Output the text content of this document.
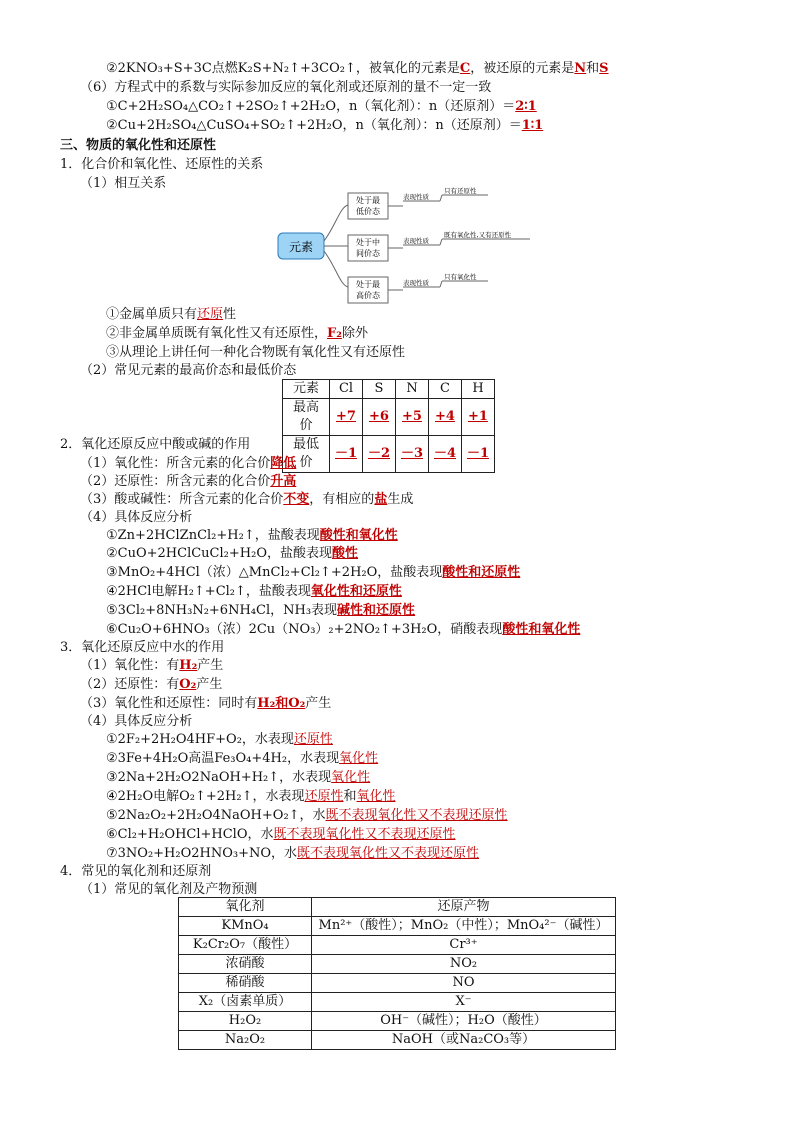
②2KNO₃+S+3C点燃K₂S+N₂↑+3CO₂↑，被氧化的元素是C，被还原的元素是N和S
（6）方程式中的系数与实际参加反应的氧化剂或还原剂的量不一定一致
①C+2H₂SO₄△CO₂↑+2SO₂↑+2H₂O，n（氧化剂）：n（还原剂）＝2∶1
②Cu+2H₂SO₄△CuSO₄+SO₂↑+2H₂O，n（氧化剂）：n（还原剂）＝1∶1
三、物质的氧化性和还原性
1．化合价和氧化性、还原性的关系
（1）相互关系
元素
处于最
低价态
处于中
间价态
处于最
高价态
表现性质
表现性质
表现性质
只有还原性
既有氧化性,又有还原性
只有氧化性
①金属单质只有还原性
②非金属单质既有氧化性又有还原性，F₂除外
③从理论上讲任何一种化合物既有氧化性又有还原性
（2）常见元素的最高价态和最低价态
元素	Cl	S	N	C	H
最高价	+7	+6	+5	+4	+1
最低价	－1	－2	－3	－4	－1
2．氧化还原反应中酸或碱的作用
（1）氧化性：所含元素的化合价降低
（2）还原性：所含元素的化合价升高
（3）酸或碱性：所含元素的化合价不变，有相应的盐生成
（4）具体反应分析
①Zn+2HClZnCl₂+H₂↑，盐酸表现酸性和氧化性
②CuO+2HClCuCl₂+H₂O，盐酸表现酸性
③MnO₂+4HCl（浓）△MnCl₂+Cl₂↑+2H₂O，盐酸表现酸性和还原性
④2HCl电解H₂↑+Cl₂↑，盐酸表现氧化性和还原性
⑤3Cl₂+8NH₃N₂+6NH₄Cl，NH₃表现碱性和还原性
⑥Cu₂O+6HNO₃（浓）2Cu（NO₃）₂+2NO₂↑+3H₂O，硝酸表现酸性和氧化性
3．氧化还原反应中水的作用
（1）氧化性：有H₂产生
（2）还原性：有O₂产生
（3）氧化性和还原性：同时有H₂和O₂产生
（4）具体反应分析
①2F₂+2H₂O4HF+O₂，水表现还原性
②3Fe+4H₂O高温Fe₃O₄+4H₂，水表现氧化性
③2Na+2H₂O2NaOH+H₂↑，水表现氧化性
④2H₂O电解O₂↑+2H₂↑，水表现还原性和氧化性
⑤2Na₂O₂+2H₂O4NaOH+O₂↑，水既不表现氧化性又不表现还原性
⑥Cl₂+H₂OHCl+HClO，水既不表现氧化性又不表现还原性
⑦3NO₂+H₂O2HNO₃+NO，水既不表现氧化性又不表现还原性
4．常见的氧化剂和还原剂
（1）常见的氧化剂及产物预测
氧化剂	还原产物
KMnO₄	Mn²⁺（酸性）；MnO₂（中性）；MnO₄²⁻（碱性）
K₂Cr₂O₇（酸性）	Cr³⁺
浓硝酸	NO₂
稀硝酸	NO
X₂（卤素单质）	X⁻
H₂O₂	OH⁻（碱性）；H₂O（酸性）
Na₂O₂	NaOH（或Na₂CO₃等）
